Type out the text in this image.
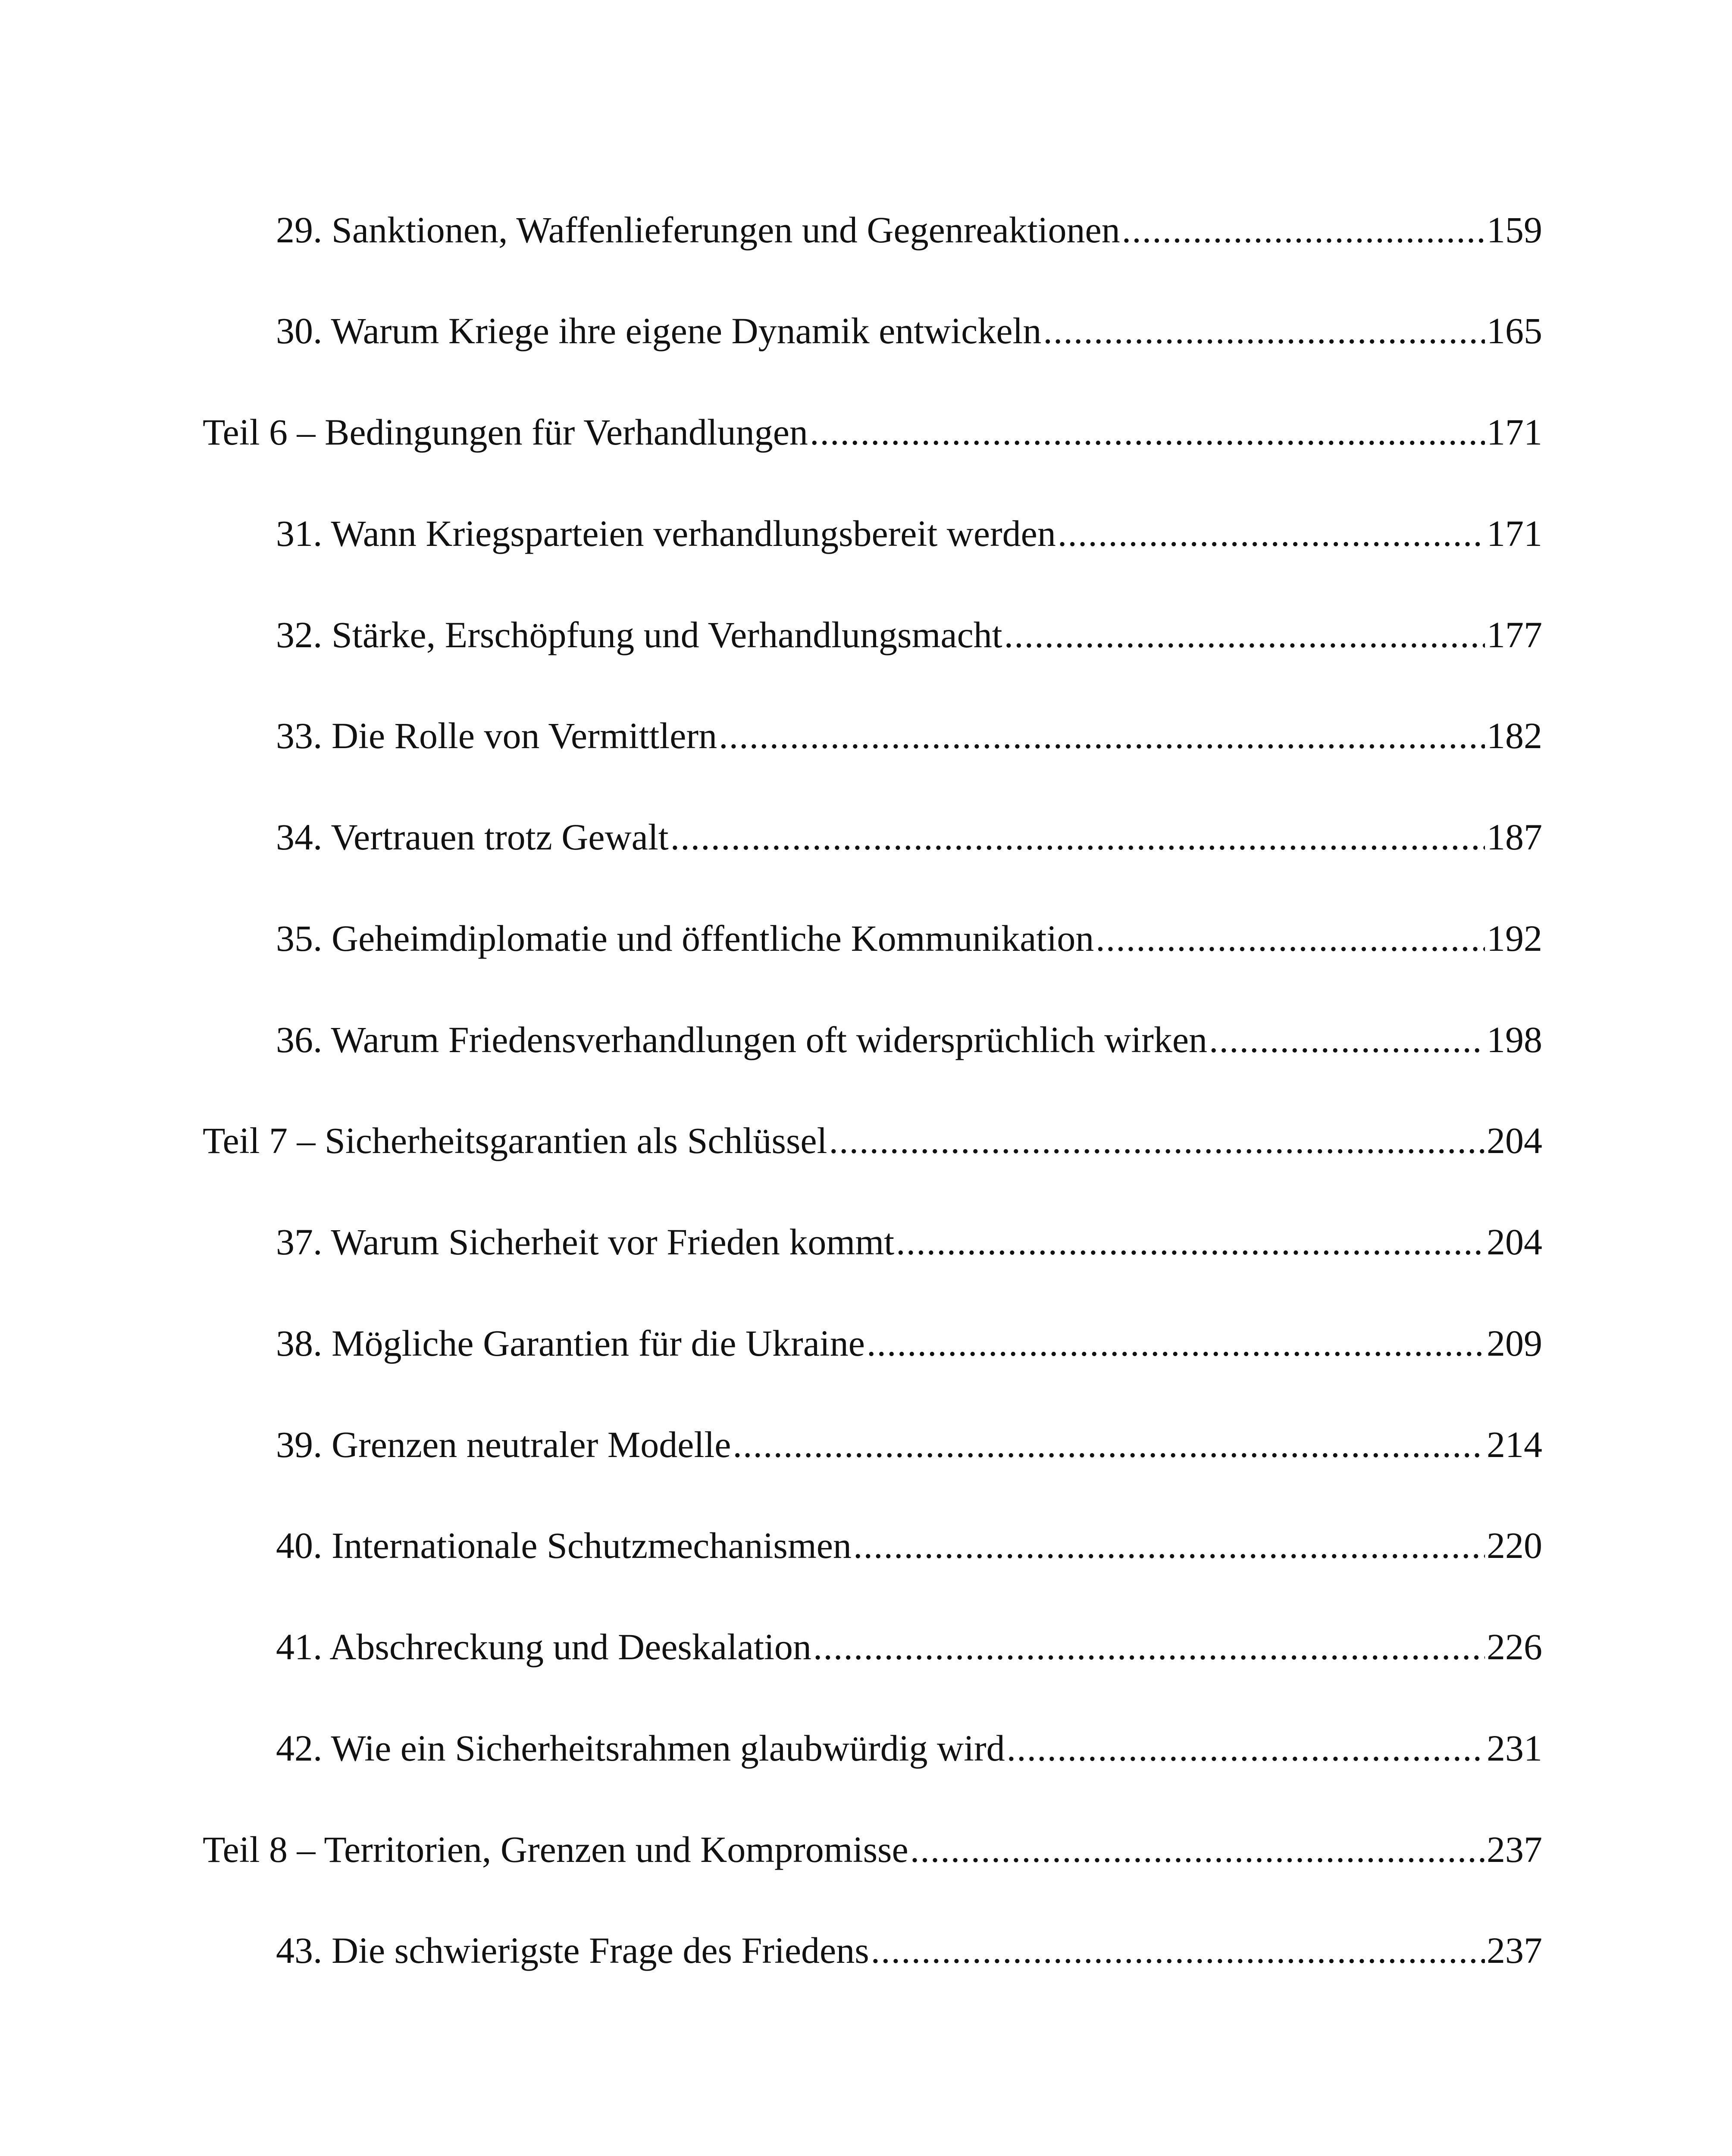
29. Sanktionen, Waffenlieferungen und Gegenreaktionen .....	159
30. Warum Kriege ihre eigene Dynamik entwickeln .....	165
Teil 6 – Bedingungen für Verhandlungen .....	171
31. Wann Kriegsparteien verhandlungsbereit werden .....	171
32. Stärke, Erschöpfung und Verhandlungsmacht .....	177
33. Die Rolle von Vermittlern .....	182
34. Vertrauen trotz Gewalt .....	187
35. Geheimdiplomatie und öffentliche Kommunikation .....	192
36. Warum Friedensverhandlungen oft widersprüchlich wirken .....	198
Teil 7 – Sicherheitsgarantien als Schlüssel .....	204
37. Warum Sicherheit vor Frieden kommt .....	204
38. Mögliche Garantien für die Ukraine .....	209
39. Grenzen neutraler Modelle .....	214
40. Internationale Schutzmechanismen .....	220
41. Abschreckung und Deeskalation .....	226
42. Wie ein Sicherheitsrahmen glaubwürdig wird .....	231
Teil 8 – Territorien, Grenzen und Kompromisse .....	237
43. Die schwierigste Frage des Friedens .....	237
